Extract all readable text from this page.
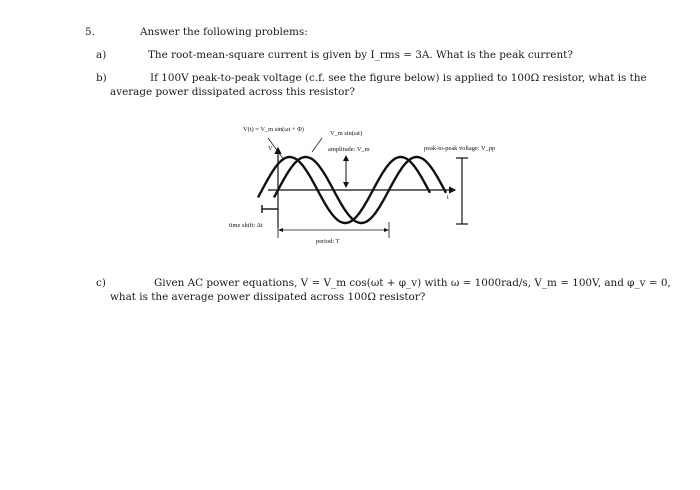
5.	Answer the following problems:
a)	The root-mean-square current is given by I_rms = 3A. What is the peak current?
b)	If 100V peak-to-peak voltage (c.f. see the figure below) is applied to 100Ω resistor, what is the
average power dissipated across this resistor?
c)	Given AC power equations, V = V_m cos(ωt + φ_v) with ω = 1000rad/s, V_m = 100V, and φ_v = 0,
what is the average power dissipated across 100Ω resistor?
V(t) = V_m sin(ωt + Φ)
V_m sin(ωt)
V	amplitude: V_m	peak-to-peak voltage: V_pp
t
time shift: Δt
period: T
